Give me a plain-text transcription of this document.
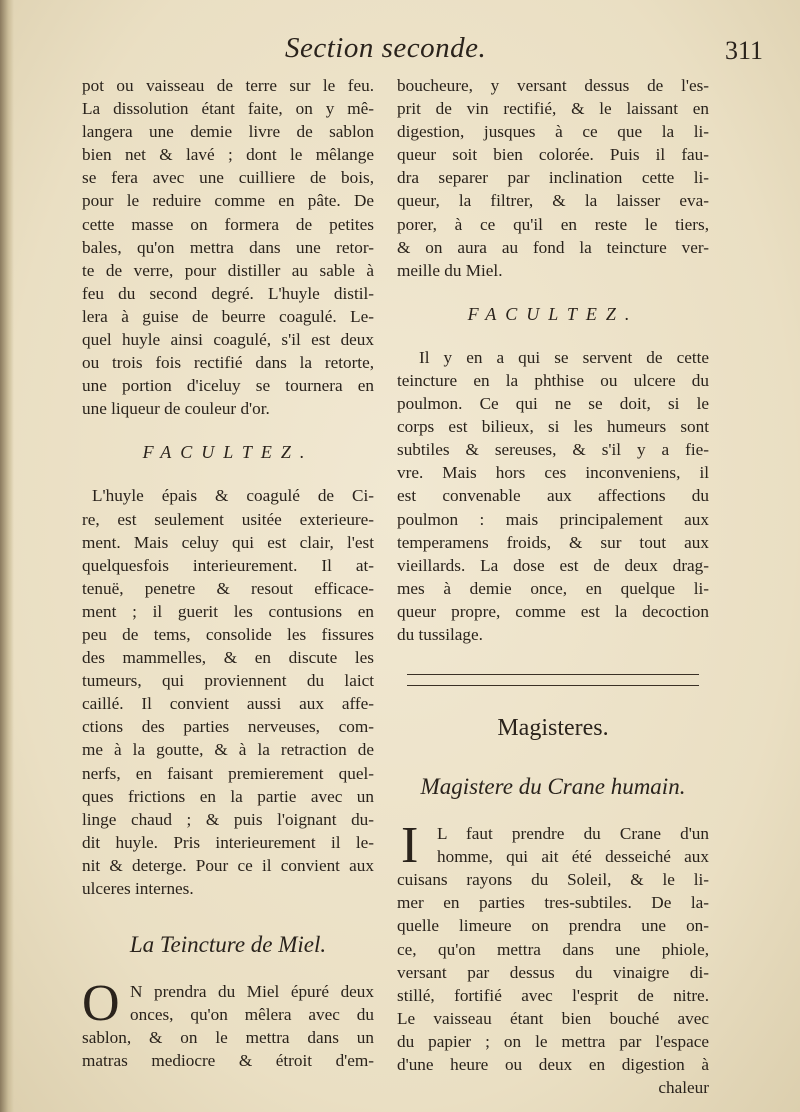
Section seconde.	311
pot ou vaisseau de terre sur le feu.
La dissolution étant faite, on y mê-
langera une demie livre de sablon
bien net & lavé ; dont le mêlange
se fera avec une cuilliere de bois,
pour le reduire comme en pâte. De
cette masse on formera de petites
bales, qu'on mettra dans une retor-
te de verre, pour distiller au sable à
feu du second degré. L'huyle distil-
lera à guise de beurre coagulé. Le-
quel huyle ainsi coagulé, s'il est deux
ou trois fois rectifié dans la retorte,
une portion d'iceluy se tournera en
une liqueur de couleur d'or.
FACULTEZ.
L'huyle épais & coagulé de Ci-
re, est seulement usitée exterieure-
ment. Mais celuy qui est clair, l'est
quelquesfois interieurement. Il at-
tenuë, penetre & resout efficace-
ment ; il guerit les contusions en
peu de tems, consolide les fissures
des mammelles, & en discute les
tumeurs, qui proviennent du laict
caillé. Il convient aussi aux affe-
ctions des parties nerveuses, com-
me à la goutte, & à la retraction de
nerfs, en faisant premierement quel-
ques frictions en la partie avec un
linge chaud ; & puis l'oignant du-
dit huyle. Pris interieurement il le-
nit & deterge. Pour ce il convient aux
ulceres internes.
La Teincture de Miel.
O N prendra du Miel épuré deux
onces, qu'on mêlera avec du
sablon, & on le mettra dans un
matras mediocre & étroit d'em-
boucheure, y versant dessus de l'es-
prit de vin rectifié, & le laissant en
digestion, jusques à ce que la li-
queur soit bien colorée. Puis il fau-
dra separer par inclination cette li-
queur, la filtrer, & la laisser eva-
porer, à ce qu'il en reste le tiers,
& on aura au fond la teincture ver-
meille du Miel.
FACULTEZ.
Il y en a qui se servent de cette
teincture en la phthise ou ulcere du
poulmon. Ce qui ne se doit, si le
corps est bilieux, si les humeurs sont
subtiles & sereuses, & s'il y a fie-
vre. Mais hors ces inconveniens, il
est convenable aux affections du
poulmon : mais principalement aux
temperamens froids, & sur tout aux
vieillards. La dose est de deux drag-
mes à demie once, en quelque li-
queur propre, comme est la decoction
du tussilage.
Magisteres.
Magistere du Crane humain.
I	L faut prendre du Crane d'un
homme, qui ait été desseiché aux
cuisans rayons du Soleil, & le li-
mer en parties tres-subtiles. De la-
quelle limeure on prendra une on-
ce, qu'on mettra dans une phiole,
versant par dessus du vinaigre di-
stillé, fortifié avec l'esprit de nitre.
Le vaisseau étant bien bouché avec
du papier ; on le mettra par l'espace
d'une heure ou deux en digestion à
chaleur
